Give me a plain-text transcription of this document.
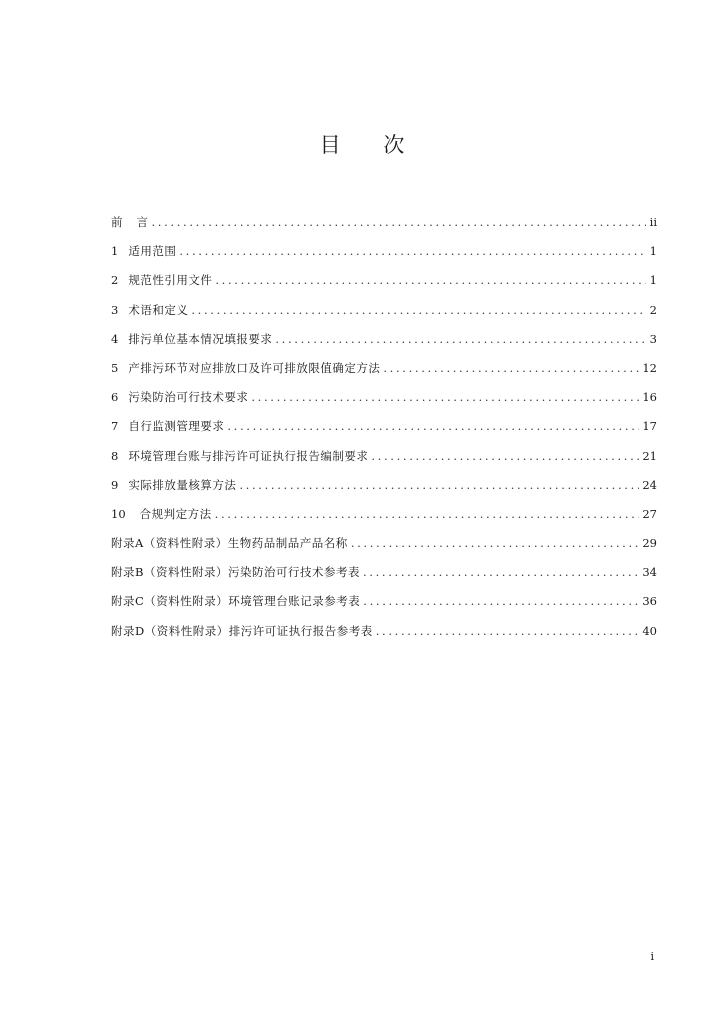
目 次
前	言 . . .	ii
1 适用范围 . . .	1
2 规范性引用文件 . . .	1
3 术语和定义 . . .	2
4 排污单位基本情况填报要求 . . .	3
5 产排污环节对应排放口及许可排放限值确定方法 . . .	12
6 污染防治可行技术要求 . . .	16
7 自行监测管理要求 . . .	17
8 环境管理台账与排污许可证执行报告编制要求 . . .	21
9 实际排放量核算方法 . . .	24
10	合规判定方法 . . .	27
附录A（资料性附录）生物药品制品产品名称 . . .	29
附录B（资料性附录）污染防治可行技术参考表 . . .	34
附录C（资料性附录）环境管理台账记录参考表 . . .	36
附录D（资料性附录）排污许可证执行报告参考表 . . .	40
i
